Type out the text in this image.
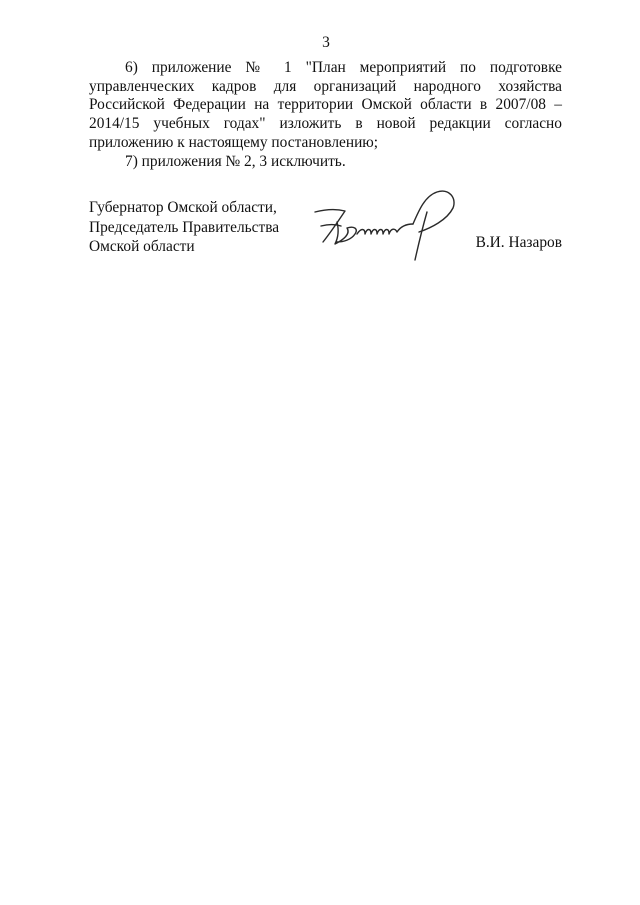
3

6) приложение № 1 "План мероприятий по подготовке управленческих кадров для организаций народного хозяйства Российской Федерации на территории Омской области в 2007/08 – 2014/15 учебных годах" изложить в новой редакции согласно приложению к настоящему постановлению;

7) приложения № 2, 3 исключить.

Губернатор Омской области,
Председатель Правительства
Омской области	В.И. Назаров
